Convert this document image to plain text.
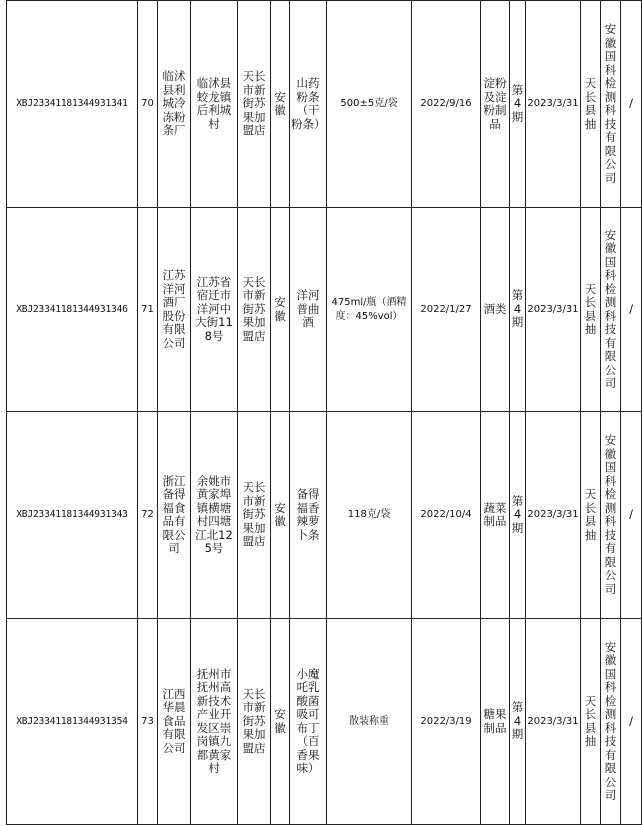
XBJ23341181344931341	70	临沭县利城冷冻粉条厂	临沭县蛟龙镇后利城村	天长市新街苏果加盟店	安徽	山药粉条（干粉条）	500±5克/袋	2022/9/16	淀粉及淀粉制品	第4期	2023/3/31	天长县抽	安徽国科检测科技有限公司	/
XBJ23341181344931346	71	江苏洋河酒厂股份有限公司	江苏省宿迁市洋河中大街118号	天长市新街苏果加盟店	安徽	洋河普曲酒	475ml/瓶（酒精度：45%vol）	2022/1/27	酒类	第4期	2023/3/31	天长县抽	安徽国科检测科技有限公司	/
XBJ23341181344931343	72	浙江备得福食品有限公司	余姚市黄家埠镇横塘村四塘江北125号	天长市新街苏果加盟店	安徽	备得福香辣萝卜条	118克/袋	2022/10/4	蔬菜制品	第4期	2023/3/31	天长县抽	安徽国科检测科技有限公司	/
XBJ23341181344931354	73	江西华晨食品有限公司	抚州市抚州高新技术产业开发区崇岗镇九都黄家村	天长市新街苏果加盟店	安徽	小魔吒乳酸菌吸可布丁（百香果味）	散装称重	2022/3/19	糖果制品	第4期	2023/3/31	天长县抽	安徽国科检测科技有限公司	/
